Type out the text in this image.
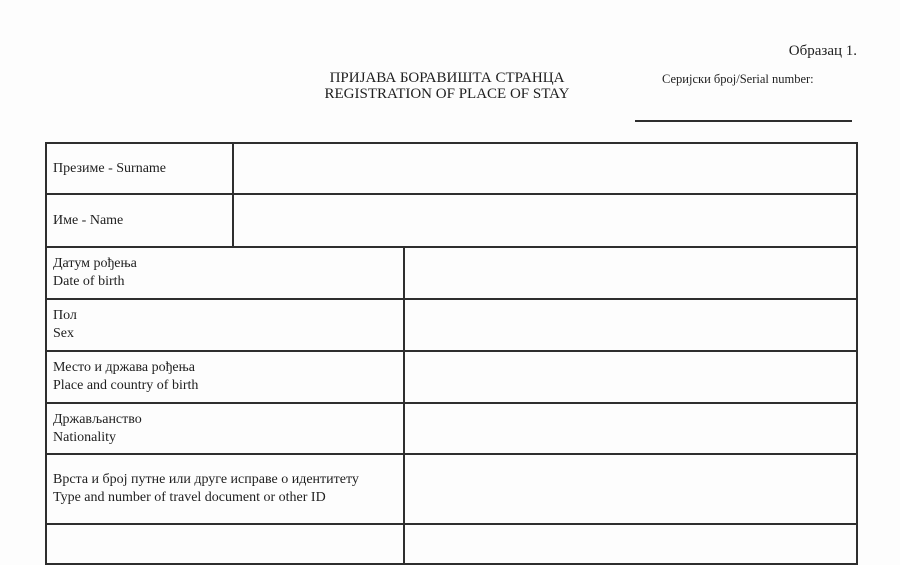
Образац 1.
ПРИЈАВА БОРАВИШТА СТРАНЦА
REGISTRATION OF PLACE OF STAY
Серијски број/Serial number:
Презиме - Surname		

Име - Name		

Датум рођења
Date of birth		

Пол
Sex		

Место и држава рођења
Place and country of birth		

Држављанство
Nationality		

Врста и број путне или друге исправе о идентитету
Type and number of travel document or other ID		
